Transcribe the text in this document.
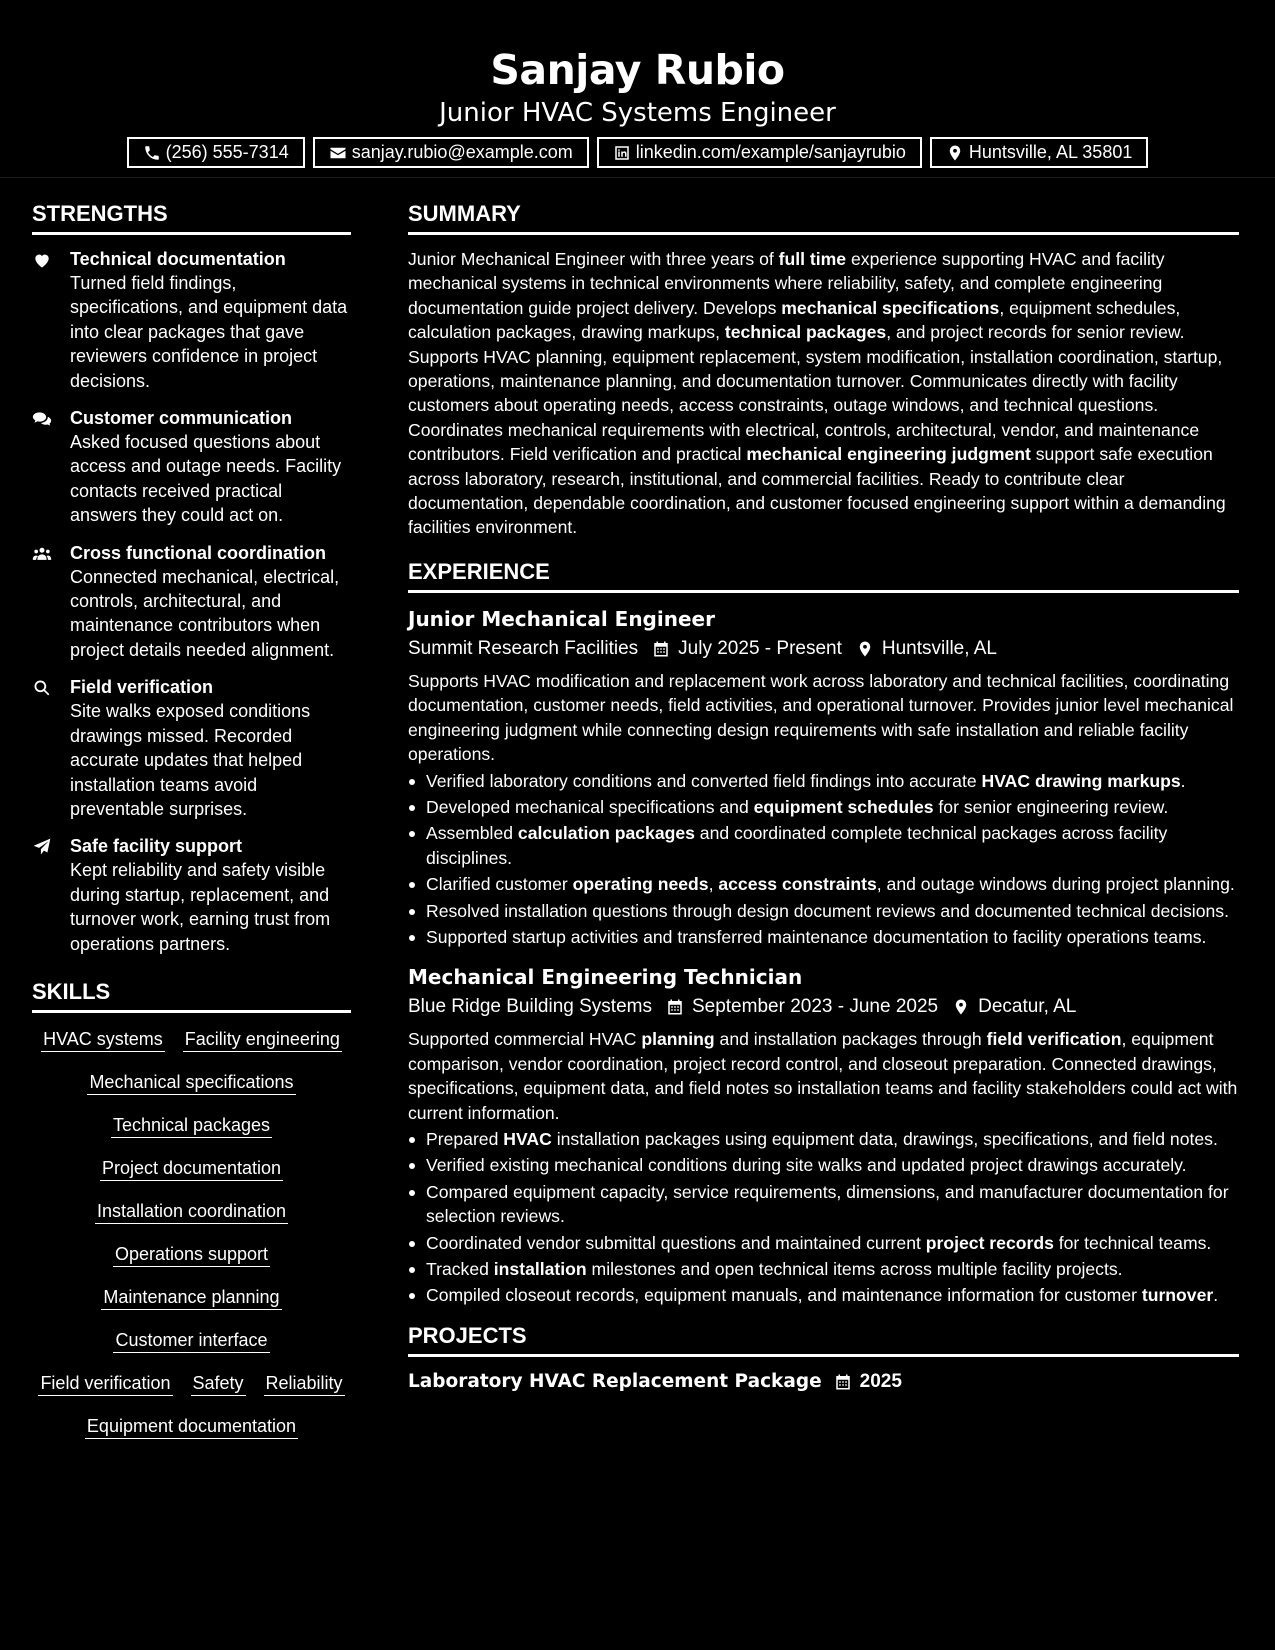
Sanjay Rubio
Junior HVAC Systems Engineer
(256) 555-7314	sanjay.rubio@example.com	linkedin.com/example/sanjayrubio	Huntsville, AL 35801
STRENGTHS
Technical documentation
Turned field findings, specifications, and equipment data into clear packages that gave reviewers confidence in project decisions.
Customer communication
Asked focused questions about access and outage needs. Facility contacts received practical answers they could act on.
Cross functional coordination
Connected mechanical, electrical, controls, architectural, and maintenance contributors when project details needed alignment.
Field verification
Site walks exposed conditions drawings missed. Recorded accurate updates that helped installation teams avoid preventable surprises.
Safe facility support
Kept reliability and safety visible during startup, replacement, and turnover work, earning trust from operations partners.
SKILLS
HVAC systems Facility engineering
Mechanical specifications
Technical packages
Project documentation
Installation coordination
Operations support
Maintenance planning
Customer interface
Field verification Safety Reliability
Equipment documentation
SUMMARY

Junior Mechanical Engineer with three years of full time experience supporting HVAC and facility mechanical systems in technical environments where reliability, safety, and complete engineering documentation guide project delivery. Develops mechanical specifications, equipment schedules, calculation packages, drawing markups, technical packages, and project records for senior review. Supports HVAC planning, equipment replacement, system modification, installation coordination, startup, operations, maintenance planning, and documentation turnover. Communicates directly with facility customers about operating needs, access constraints, outage windows, and technical questions. Coordinates mechanical requirements with electrical, controls, architectural, vendor, and maintenance contributors. Field verification and practical mechanical engineering judgment support safe execution across laboratory, research, institutional, and commercial facilities. Ready to contribute clear documentation, dependable coordination, and customer focused engineering support within a demanding facilities environment.

EXPERIENCE
Junior Mechanical Engineer
Summit Research Facilities July 2025 - Present Huntsville, AL

Supports HVAC modification and replacement work across laboratory and technical facilities, coordinating documentation, customer needs, field activities, and operational turnover. Provides junior level mechanical engineering judgment while connecting design requirements with safe installation and reliable facility operations.

Verified laboratory conditions and converted field findings into accurate HVAC drawing markups.
Developed mechanical specifications and equipment schedules for senior engineering review.
Assembled calculation packages and coordinated complete technical packages across facility disciplines.
Clarified customer operating needs, access constraints, and outage windows during project planning.
Resolved installation questions through design document reviews and documented technical decisions.
Supported startup activities and transferred maintenance documentation to facility operations teams.
Mechanical Engineering Technician
Blue Ridge Building Systems September 2023 - June 2025 Decatur, AL

Supported commercial HVAC planning and installation packages through field verification, equipment comparison, vendor coordination, project record control, and closeout preparation. Connected drawings, specifications, equipment data, and field notes so installation teams and facility stakeholders could act with current information.

Prepared HVAC installation packages using equipment data, drawings, specifications, and field notes.
Verified existing mechanical conditions during site walks and updated project drawings accurately.
Compared equipment capacity, service requirements, dimensions, and manufacturer documentation for selection reviews.
Coordinated vendor submittal questions and maintained current project records for technical teams.
Tracked installation milestones and open technical items across multiple facility projects.
Compiled closeout records, equipment manuals, and maintenance information for customer turnover.
PROJECTS
Laboratory HVAC Replacement Package 2025
